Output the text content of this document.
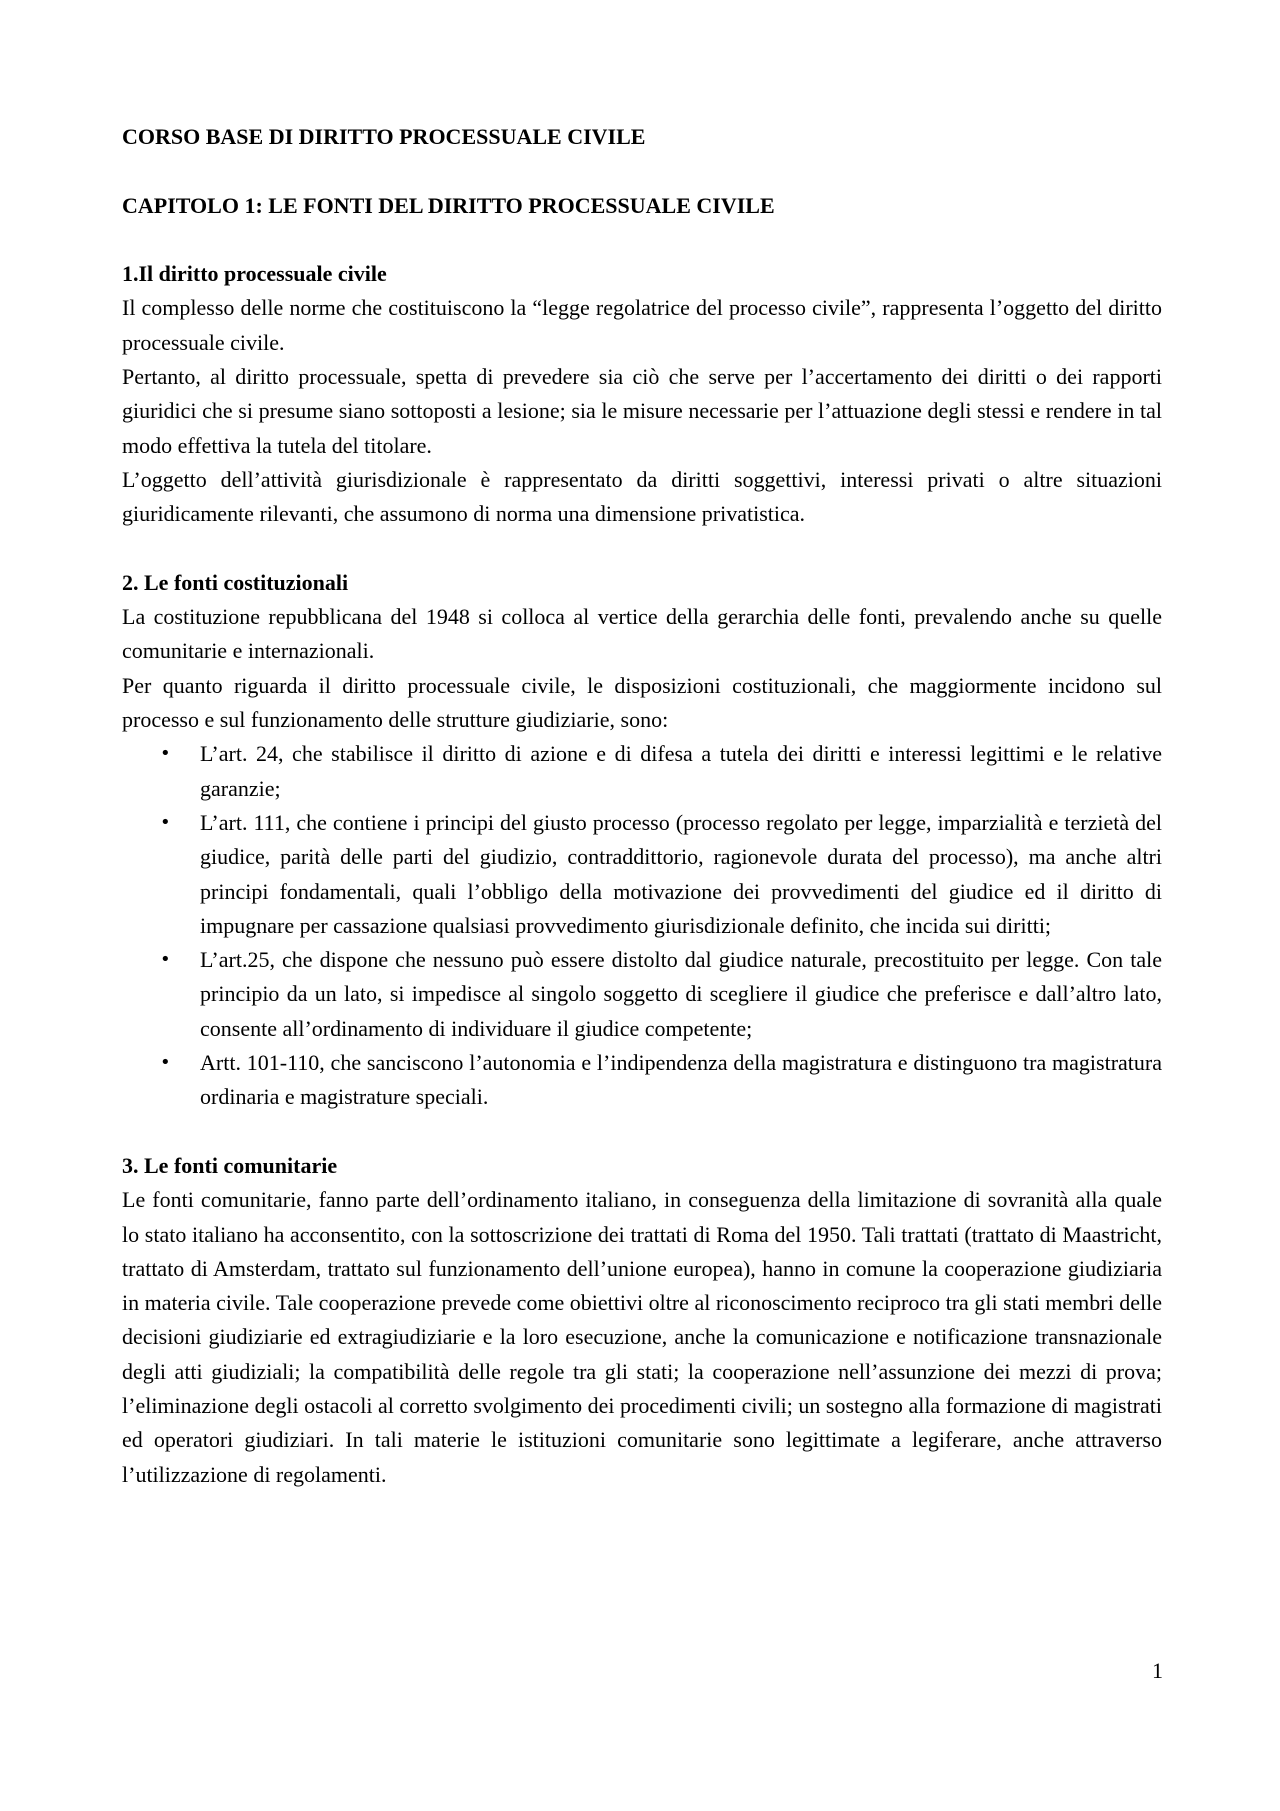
CORSO BASE DI DIRITTO PROCESSUALE CIVILE
CAPITOLO 1: LE FONTI DEL DIRITTO PROCESSUALE CIVILE
1.Il diritto processuale civile

Il complesso delle norme che costituiscono la “legge regolatrice del processo civile”, rappresenta l’oggetto del diritto processuale civile.

Pertanto, al diritto processuale, spetta di prevedere sia ciò che serve per l’accertamento dei diritti o dei rapporti giuridici che si presume siano sottoposti a lesione; sia le misure necessarie per l’attuazione degli stessi e rendere in tal modo effettiva la tutela del titolare.

L’oggetto dell’attività giurisdizionale è rappresentato da diritti soggettivi, interessi privati o altre situazioni giuridicamente rilevanti, che assumono di norma una dimensione privatistica.

2. Le fonti costituzionali

La costituzione repubblicana del 1948 si colloca al vertice della gerarchia delle fonti, prevalendo anche su quelle comunitarie e internazionali.

Per quanto riguarda il diritto processuale civile, le disposizioni costituzionali, che maggiormente incidono sul processo e sul funzionamento delle strutture giudiziarie, sono:

• L’art. 24, che stabilisce il diritto di azione e di difesa a tutela dei diritti e interessi legittimi e le relative garanzie;
• L’art. 111, che contiene i principi del giusto processo (processo regolato per legge, imparzialità e terzietà del giudice, parità delle parti del giudizio, contraddittorio, ragionevole durata del processo), ma anche altri principi fondamentali, quali l’obbligo della motivazione dei provvedimenti del giudice ed il diritto di impugnare per cassazione qualsiasi provvedimento giurisdizionale definito, che incida sui diritti;
• L’art.25, che dispone che nessuno può essere distolto dal giudice naturale, precostituito per legge. Con tale principio da un lato, si impedisce al singolo soggetto di scegliere il giudice che preferisce e dall’altro lato, consente all’ordinamento di individuare il giudice competente;
• Artt. 101-110, che sanciscono l’autonomia e l’indipendenza della magistratura e distinguono tra magistratura ordinaria e magistrature speciali.
3. Le fonti comunitarie

Le fonti comunitarie, fanno parte dell’ordinamento italiano, in conseguenza della limitazione di sovranità alla quale lo stato italiano ha acconsentito, con la sottoscrizione dei trattati di Roma del 1950. Tali trattati (trattato di Maastricht, trattato di Amsterdam, trattato sul funzionamento dell’unione europea), hanno in comune la cooperazione giudiziaria in materia civile. Tale cooperazione prevede come obiettivi oltre al riconoscimento reciproco tra gli stati membri delle decisioni giudiziarie ed extragiudiziarie e la loro esecuzione, anche la comunicazione e notificazione transnazionale degli atti giudiziali; la compatibilità delle regole tra gli stati; la cooperazione nell’assunzione dei mezzi di prova; l’eliminazione degli ostacoli al corretto svolgimento dei procedimenti civili; un sostegno alla formazione di magistrati ed operatori giudiziari. In tali materie le istituzioni comunitarie sono legittimate a legiferare, anche attraverso l’utilizzazione di regolamenti.

1
